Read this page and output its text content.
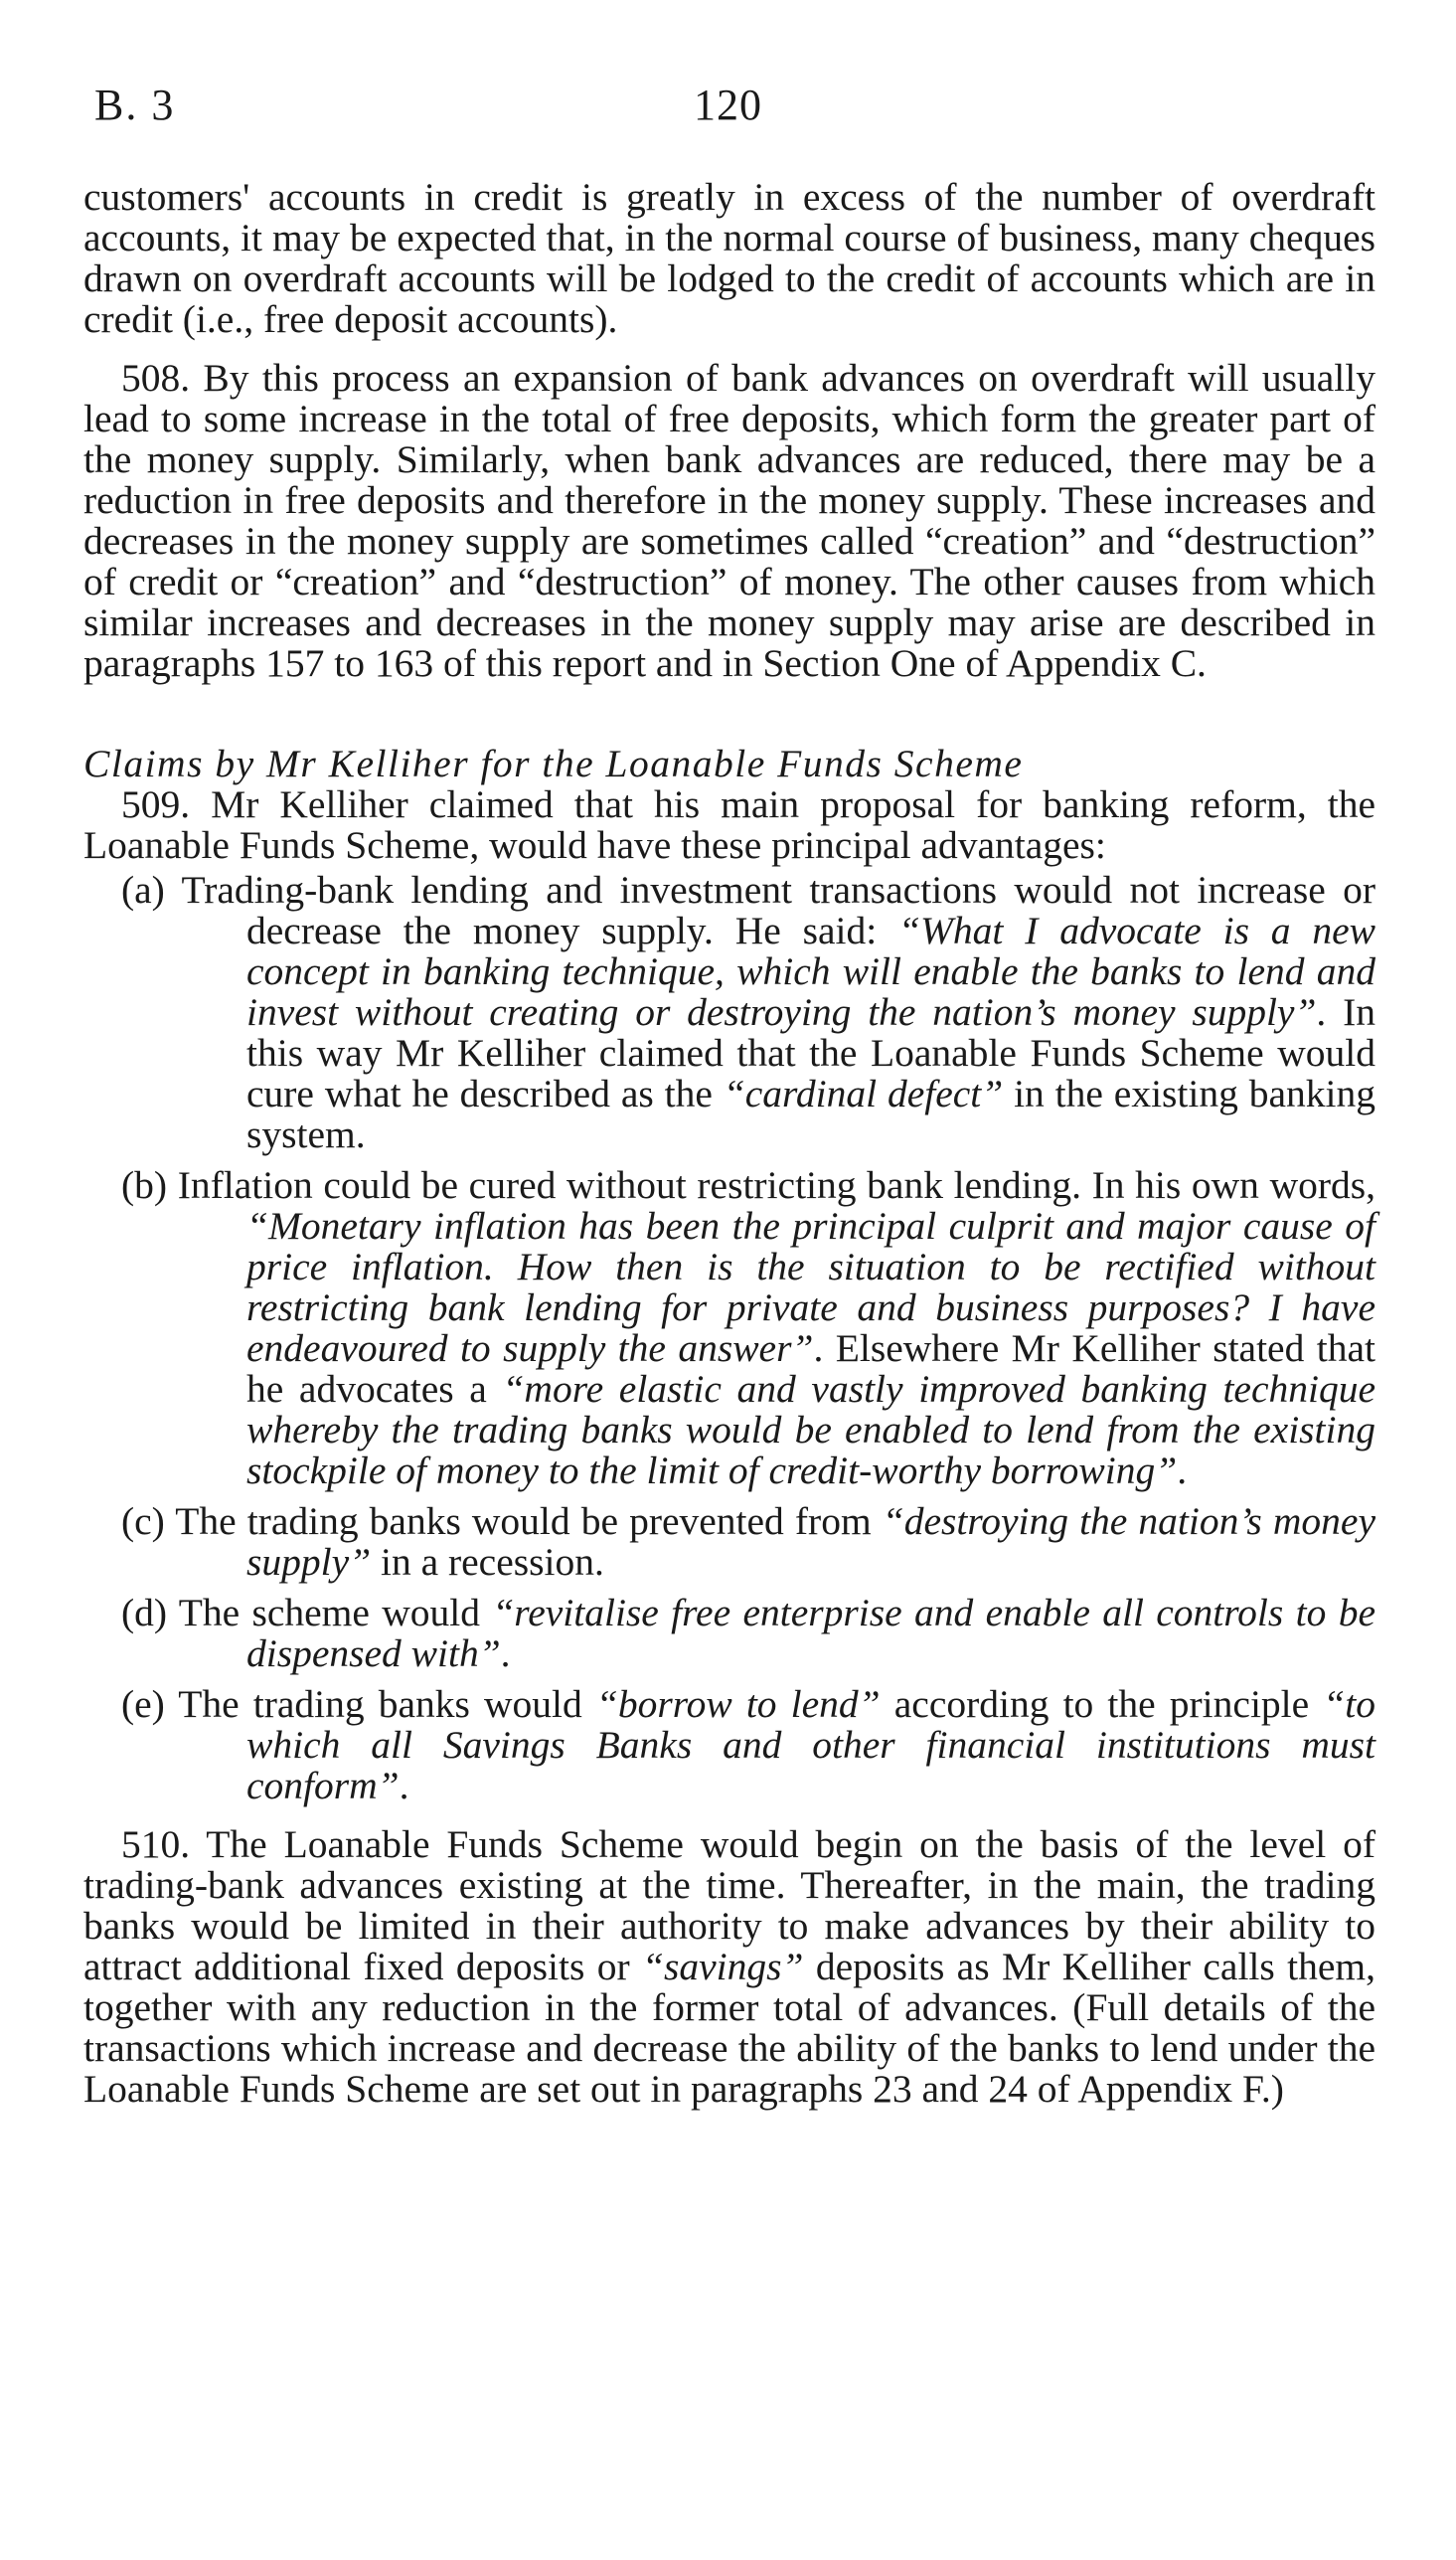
B. 3	120

customers' accounts in credit is greatly in excess of the number of overdraft accounts, it may be expected that, in the normal course of business, many cheques drawn on overdraft accounts will be lodged to the credit of accounts which are in credit (i.e., free deposit accounts).

508. By this process an expansion of bank advances on overdraft will usually lead to some increase in the total of free deposits, which form the greater part of the money supply. Similarly, when bank advances are reduced, there may be a reduction in free deposits and therefore in the money supply. These increases and decreases in the money supply are sometimes called “creation” and “destruction” of credit or “creation” and “destruction” of money. The other causes from which similar increases and decreases in the money supply may arise are described in paragraphs 157 to 163 of this report and in Section One of Appendix C.

Claims by Mr Kelliher for the Loanable Funds Scheme

509. Mr Kelliher claimed that his main proposal for banking reform, the Loanable Funds Scheme, would have these principal advantages:

(a) Trading-bank lending and investment transactions would not increase or decrease the money supply. He said: “What I advocate is a new concept in banking technique, which will enable the banks to lend and invest without creating or destroying the nation’s money supply”. In this way Mr Kelliher claimed that the Loanable Funds Scheme would cure what he described as the “cardinal defect” in the existing banking system.

(b) Inflation could be cured without restricting bank lending. In his own words, “Monetary inflation has been the principal culprit and major cause of price inflation. How then is the situation to be rectified without restricting bank lending for private and business purposes? I have endeavoured to supply the answer”. Elsewhere Mr Kelliher stated that he advocates a “more elastic and vastly improved banking technique whereby the trading banks would be enabled to lend from the existing stockpile of money to the limit of credit-worthy borrowing”.

(c) The trading banks would be prevented from “destroying the nation’s money supply” in a recession.

(d) The scheme would “revitalise free enterprise and enable all controls to be dispensed with”.

(e) The trading banks would “borrow to lend” according to the principle “to which all Savings Banks and other financial institutions must conform”.

510. The Loanable Funds Scheme would begin on the basis of the level of trading-bank advances existing at the time. Thereafter, in the main, the trading banks would be limited in their authority to make advances by their ability to attract additional fixed deposits or “savings” deposits as Mr Kelliher calls them, together with any reduction in the former total of advances. (Full details of the transactions which increase and decrease the ability of the banks to lend under the Loanable Funds Scheme are set out in paragraphs 23 and 24 of Appendix F.)
